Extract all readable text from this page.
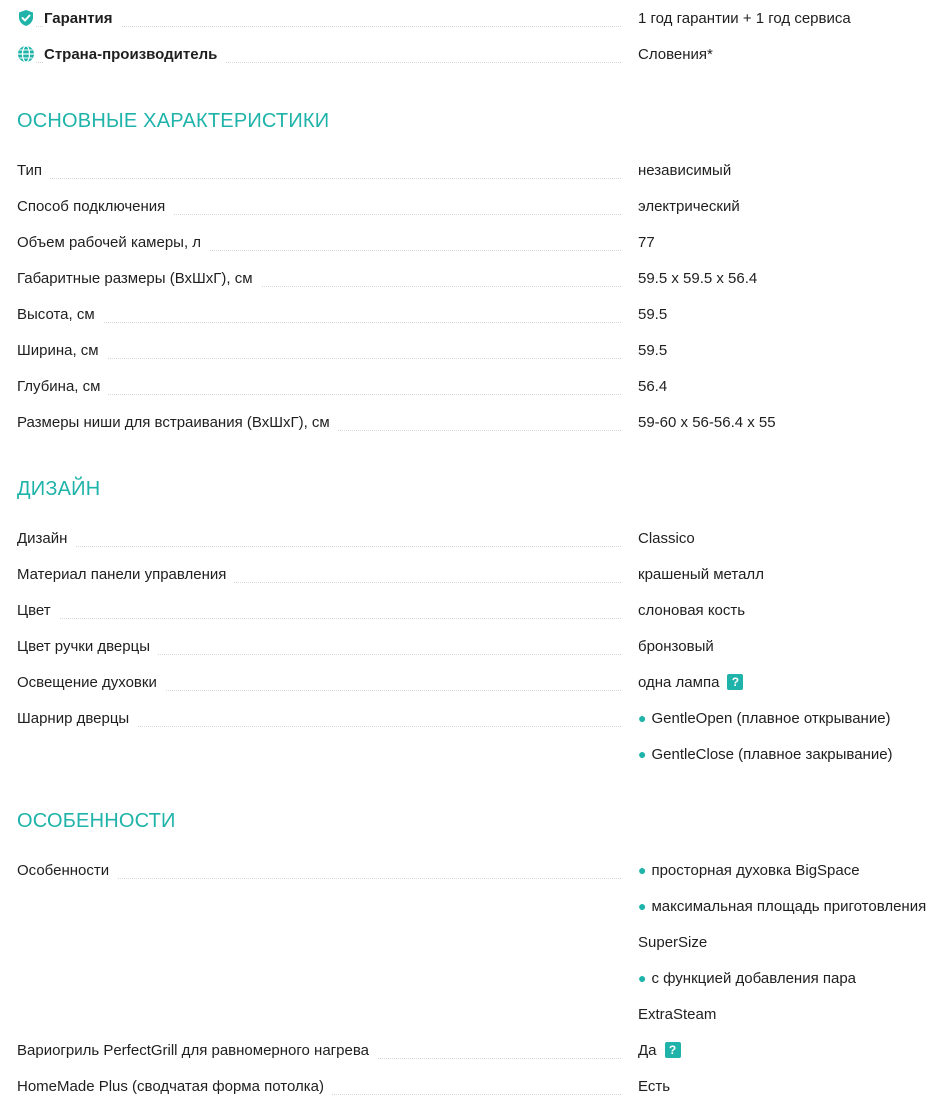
Гарантия	1 год гарантии + 1 год сервиса
Страна-производитель	Словения*
ОСНОВНЫЕ ХАРАКТЕРИСТИКИ
Тип	независимый
Способ подключения	электрический
Объем рабочей камеры, л	77
Габаритные размеры (ВхШхГ), см	59.5 x 59.5 x 56.4
Высота, см	59.5
Ширина, см	59.5
Глубина, см	56.4
Размеры ниши для встраивания (ВхШхГ), см	59-60 x 56-56.4 x 55
ДИЗАЙН
Дизайн	Classico
Материал панели управления	крашеный металл
Цвет	слоновая кость
Цвет ручки дверцы	бронзовый
Освещение духовки	одна лампа	?
Шарнир дверцы	● GentleOpen (плавное открывание)
● GentleClose (плавное закрывание)
ОСОБЕННОСТИ
Особенности	● просторная духовка BigSpace
● максимальная площадь приготовления
SuperSize
● с функцией добавления пара
ExtraSteam
Вариогриль PerfectGrill для равномерного нагрева	Да	?
HomeMade Plus (сводчатая форма потолка)	Есть
